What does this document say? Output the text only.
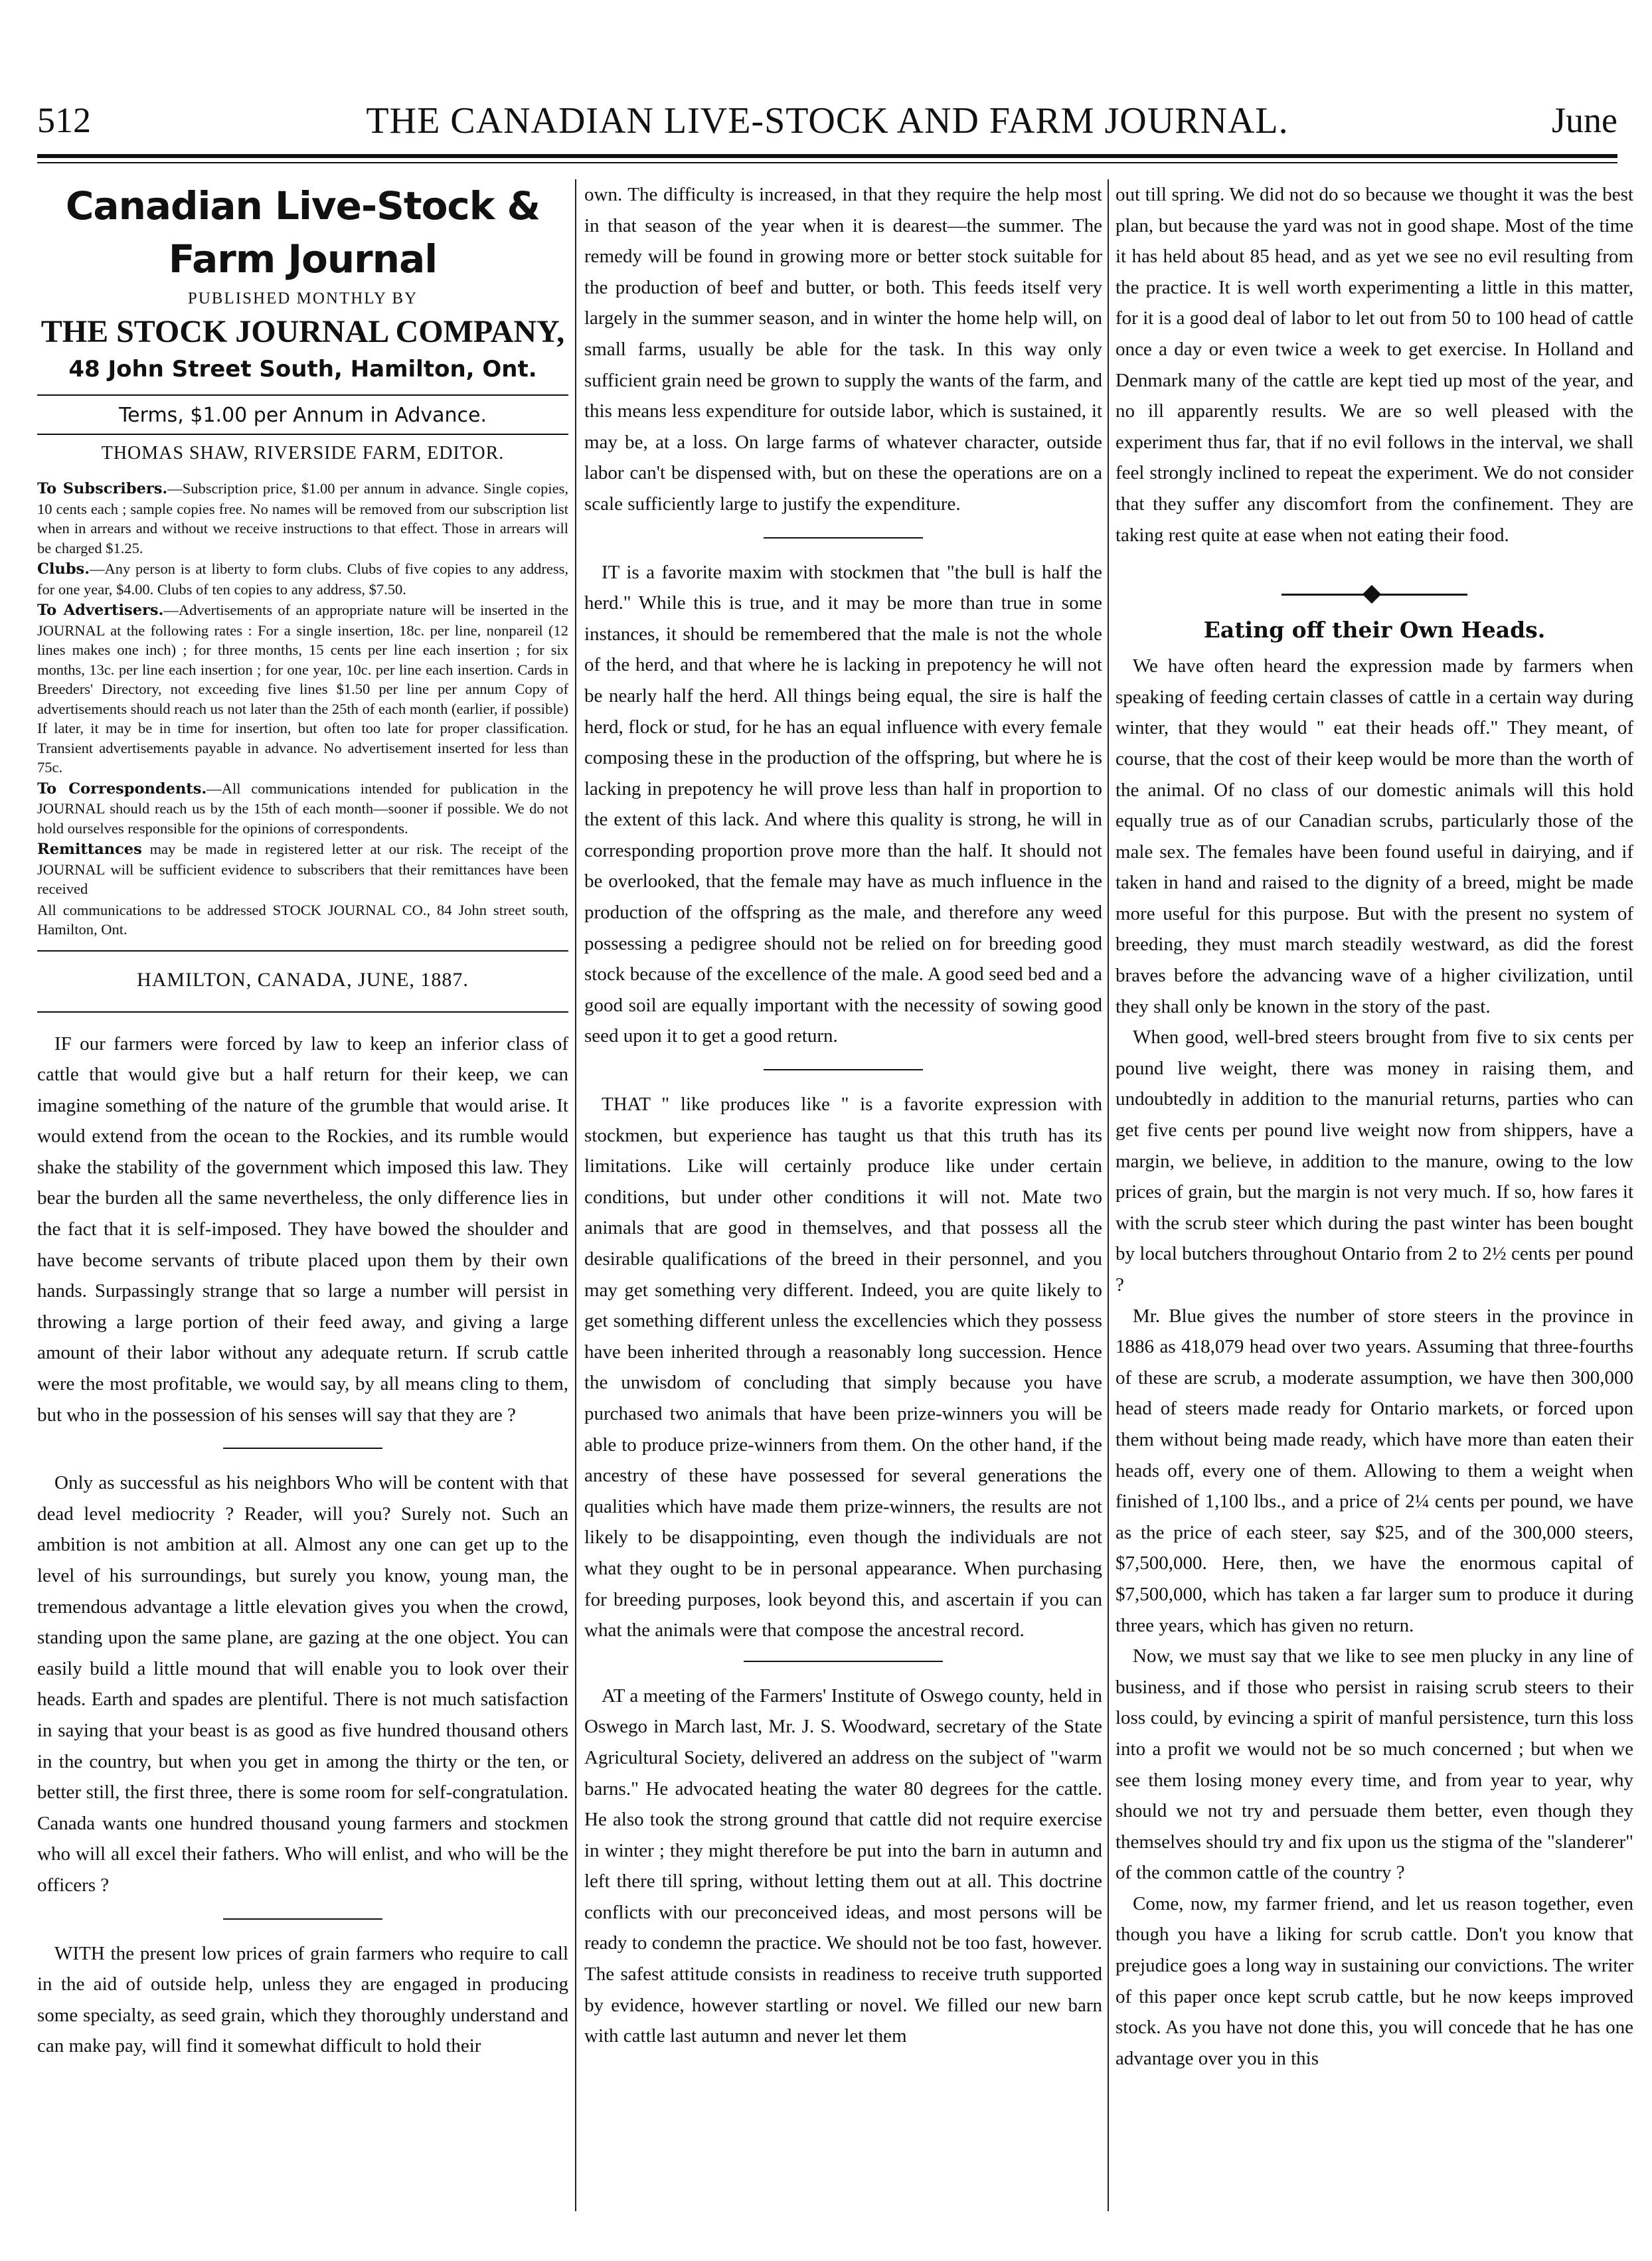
512	THE CANADIAN LIVE-STOCK AND FARM JOURNAL.	June
Canadian Live-Stock & Farm Journal
PUBLISHED MONTHLY BY
THE STOCK JOURNAL COMPANY,
48 John Street South, Hamilton, Ont.
Terms, $1.00 per Annum in Advance.
THOMAS SHAW, RIVERSIDE FARM, EDITOR.

To Subscribers.—Subscription price, $1.00 per annum in advance. Single copies, 10 cents each ; sample copies free. No names will be removed from our subscription list when in arrears and without we receive instructions to that effect. Those in arrears will be charged $1.25.

Clubs.—Any person is at liberty to form clubs. Clubs of five copies to any address, for one year, $4.00. Clubs of ten copies to any address, $7.50.

To Advertisers.—Advertisements of an appropriate nature will be inserted in the JOURNAL at the following rates : For a single insertion, 18c. per line, nonpareil (12 lines makes one inch) ; for three months, 15 cents per line each insertion ; for six months, 13c. per line each insertion ; for one year, 10c. per line each insertion. Cards in Breeders' Directory, not exceeding five lines $1.50 per line per annum Copy of advertisements should reach us not later than the 25th of each month (earlier, if possible) If later, it may be in time for insertion, but often too late for proper classification. Transient advertisements payable in advance. No advertisement inserted for less than 75c.

To Correspondents.—All communications intended for publication in the JOURNAL should reach us by the 15th of each month—sooner if possible. We do not hold ourselves responsible for the opinions of correspondents.

Remittances may be made in registered letter at our risk. The receipt of the JOURNAL will be sufficient evidence to subscribers that their remittances have been received

All communications to be addressed STOCK JOURNAL CO., 84 John street south, Hamilton, Ont.

HAMILTON, CANADA, JUNE, 1887.

IF our farmers were forced by law to keep an inferior class of cattle that would give but a half return for their keep, we can imagine something of the nature of the grumble that would arise. It would extend from the ocean to the Rockies, and its rumble would shake the stability of the government which imposed this law. They bear the burden all the same nevertheless, the only difference lies in the fact that it is self-imposed. They have bowed the shoulder and have become servants of tribute placed upon them by their own hands. Surpassingly strange that so large a number will persist in throwing a large portion of their feed away, and giving a large amount of their labor without any adequate return. If scrub cattle were the most profitable, we would say, by all means cling to them, but who in the possession of his senses will say that they are ?

Only as successful as his neighbors Who will be content with that dead level mediocrity ? Reader, will you? Surely not. Such an ambition is not ambition at all. Almost any one can get up to the level of his surroundings, but surely you know, young man, the tremendous advantage a little elevation gives you when the crowd, standing upon the same plane, are gazing at the one object. You can easily build a little mound that will enable you to look over their heads. Earth and spades are plentiful. There is not much satisfaction in saying that your beast is as good as five hundred thousand others in the country, but when you get in among the thirty or the ten, or better still, the first three, there is some room for self-congratulation. Canada wants one hundred thousand young farmers and stockmen who will all excel their fathers. Who will enlist, and who will be the officers ?

WITH the present low prices of grain farmers who require to call in the aid of outside help, unless they are engaged in producing some specialty, as seed grain, which they thoroughly understand and can make pay, will find it somewhat difficult to hold their

own. The difficulty is increased, in that they require the help most in that season of the year when it is dearest—the summer. The remedy will be found in growing more or better stock suitable for the production of beef and butter, or both. This feeds itself very largely in the summer season, and in winter the home help will, on small farms, usually be able for the task. In this way only sufficient grain need be grown to supply the wants of the farm, and this means less expenditure for outside labor, which is sustained, it may be, at a loss. On large farms of whatever character, outside labor can't be dispensed with, but on these the operations are on a scale sufficiently large to justify the expenditure.

IT is a favorite maxim with stockmen that "the bull is half the herd." While this is true, and it may be more than true in some instances, it should be remembered that the male is not the whole of the herd, and that where he is lacking in prepotency he will not be nearly half the herd. All things being equal, the sire is half the herd, flock or stud, for he has an equal influence with every female composing these in the production of the offspring, but where he is lacking in prepotency he will prove less than half in proportion to the extent of this lack. And where this quality is strong, he will in corresponding proportion prove more than the half. It should not be overlooked, that the female may have as much influence in the production of the offspring as the male, and therefore any weed possessing a pedigree should not be relied on for breeding good stock because of the excellence of the male. A good seed bed and a good soil are equally important with the necessity of sowing good seed upon it to get a good return.

THAT " like produces like " is a favorite expression with stockmen, but experience has taught us that this truth has its limitations. Like will certainly produce like under certain conditions, but under other conditions it will not. Mate two animals that are good in themselves, and that possess all the desirable qualifications of the breed in their personnel, and you may get something very different. Indeed, you are quite likely to get something different unless the excellencies which they possess have been inherited through a reasonably long succession. Hence the unwisdom of concluding that simply because you have purchased two animals that have been prize-winners you will be able to produce prize-winners from them. On the other hand, if the ancestry of these have possessed for several generations the qualities which have made them prize-winners, the results are not likely to be disappointing, even though the individuals are not what they ought to be in personal appearance. When purchasing for breeding purposes, look beyond this, and ascertain if you can what the animals were that compose the ancestral record.

AT a meeting of the Farmers' Institute of Oswego county, held in Oswego in March last, Mr. J. S. Woodward, secretary of the State Agricultural Society, delivered an address on the subject of "warm barns." He advocated heating the water 80 degrees for the cattle. He also took the strong ground that cattle did not require exercise in winter ; they might therefore be put into the barn in autumn and left there till spring, without letting them out at all. This doctrine conflicts with our preconceived ideas, and most persons will be ready to condemn the practice. We should not be too fast, however. The safest attitude consists in readiness to receive truth supported by evidence, however startling or novel. We filled our new barn with cattle last autumn and never let them

out till spring. We did not do so because we thought it was the best plan, but because the yard was not in good shape. Most of the time it has held about 85 head, and as yet we see no evil resulting from the practice. It is well worth experimenting a little in this matter, for it is a good deal of labor to let out from 50 to 100 head of cattle once a day or even twice a week to get exercise. In Holland and Denmark many of the cattle are kept tied up most of the year, and no ill apparently results. We are so well pleased with the experiment thus far, that if no evil follows in the interval, we shall feel strongly inclined to repeat the experiment. We do not consider that they suffer any discomfort from the confinement. They are taking rest quite at ease when not eating their food.

Eating off their Own Heads.

We have often heard the expression made by farmers when speaking of feeding certain classes of cattle in a certain way during winter, that they would " eat their heads off." They meant, of course, that the cost of their keep would be more than the worth of the animal. Of no class of our domestic animals will this hold equally true as of our Canadian scrubs, particularly those of the male sex. The females have been found useful in dairying, and if taken in hand and raised to the dignity of a breed, might be made more useful for this purpose. But with the present no system of breeding, they must march steadily westward, as did the forest braves before the advancing wave of a higher civilization, until they shall only be known in the story of the past.

When good, well-bred steers brought from five to six cents per pound live weight, there was money in raising them, and undoubtedly in addition to the manurial returns, parties who can get five cents per pound live weight now from shippers, have a margin, we believe, in addition to the manure, owing to the low prices of grain, but the margin is not very much. If so, how fares it with the scrub steer which during the past winter has been bought by local butchers throughout Ontario from 2 to 2½ cents per pound ?

Mr. Blue gives the number of store steers in the province in 1886 as 418,079 head over two years. Assuming that three-fourths of these are scrub, a moderate assumption, we have then 300,000 head of steers made ready for Ontario markets, or forced upon them without being made ready, which have more than eaten their heads off, every one of them. Allowing to them a weight when finished of 1,100 lbs., and a price of 2¼ cents per pound, we have as the price of each steer, say $25, and of the 300,000 steers, $7,500,000. Here, then, we have the enormous capital of $7,500,000, which has taken a far larger sum to produce it during three years, which has given no return.

Now, we must say that we like to see men plucky in any line of business, and if those who persist in raising scrub steers to their loss could, by evincing a spirit of manful persistence, turn this loss into a profit we would not be so much concerned ; but when we see them losing money every time, and from year to year, why should we not try and persuade them better, even though they themselves should try and fix upon us the stigma of the "slanderer" of the common cattle of the country ?

Come, now, my farmer friend, and let us reason together, even though you have a liking for scrub cattle. Don't you know that prejudice goes a long way in sustaining our convictions. The writer of this paper once kept scrub cattle, but he now keeps improved stock. As you have not done this, you will concede that he has one advantage over you in this
